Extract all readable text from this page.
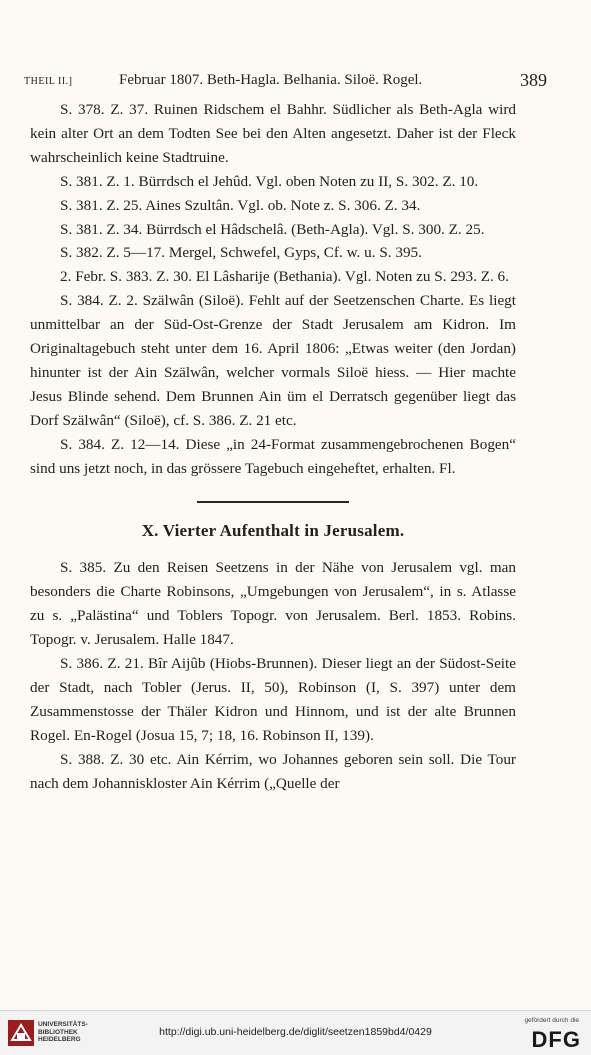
THEIL II.]	Februar 1807. Beth-Hagla. Belhania. Siloë. Rogel.	389

S. 378. Z. 37. Ruinen Ridschem el Bahhr. Südlicher als Beth-Agla wird kein alter Ort an dem Todten See bei den Alten angesetzt. Daher ist der Fleck wahrscheinlich keine Stadtruine.

S. 381. Z. 1. Bürrdsch el Jehûd. Vgl. oben Noten zu II, S. 302. Z. 10.

S. 381. Z. 25. Aines Szultân. Vgl. ob. Note z. S. 306. Z. 34.

S. 381. Z. 34. Bürrdsch el Hâdschelâ. (Beth-Agla). Vgl. S. 300. Z. 25.

S. 382. Z. 5—17. Mergel, Schwefel, Gyps, Cf. w. u. S. 395.

2. Febr. S. 383. Z. 30. El Lâsharije (Bethania). Vgl. Noten zu S. 293. Z. 6.

S. 384. Z. 2. Szälwân (Siloë). Fehlt auf der Seetzenschen Charte. Es liegt unmittelbar an der Süd-Ost-Grenze der Stadt Jerusalem am Kidron. Im Originaltagebuch steht unter dem 16. April 1806: „Etwas weiter (den Jordan) hinunter ist der Ain Szälwân, welcher vormals Siloë hiess. — Hier machte Jesus Blinde sehend. Dem Brunnen Ain üm el Derratsch gegenüber liegt das Dorf Szälwân“ (Siloë), cf. S. 386. Z. 21 etc.

S. 384. Z. 12—14. Diese „in 24-Format zusammengebrochenen Bogen“ sind uns jetzt noch, in das grössere Tagebuch eingeheftet, erhalten. Fl.

X. Vierter Aufenthalt in Jerusalem.

S. 385. Zu den Reisen Seetzens in der Nähe von Jerusalem vgl. man besonders die Charte Robinsons, „Umgebungen von Jerusalem“, in s. Atlasse zu s. „Palästina“ und Toblers Topogr. von Jerusalem. Berl. 1853. Robins. Topogr. v. Jerusalem. Halle 1847.

S. 386. Z. 21. Bîr Aijûb (Hiobs-Brunnen). Dieser liegt an der Südost-Seite der Stadt, nach Tobler (Jerus. II, 50), Robinson (I, S. 397) unter dem Zusammenstosse der Thäler Kidron und Hinnom, und ist der alte Brunnen Rogel. En-Rogel (Josua 15, 7; 18, 16. Robinson II, 139).

S. 388. Z. 30 etc. Ain Kérrim, wo Johannes geboren sein soll. Die Tour nach dem Johanniskloster Ain Kérrim („Quelle der

UNIVERSITÄTS-
BIBLIOTHEK
HEIDELBERG
http://digi.ub.uni-heidelberg.de/diglit/seetzen1859bd4/0429
gefördert durch die
DFG
